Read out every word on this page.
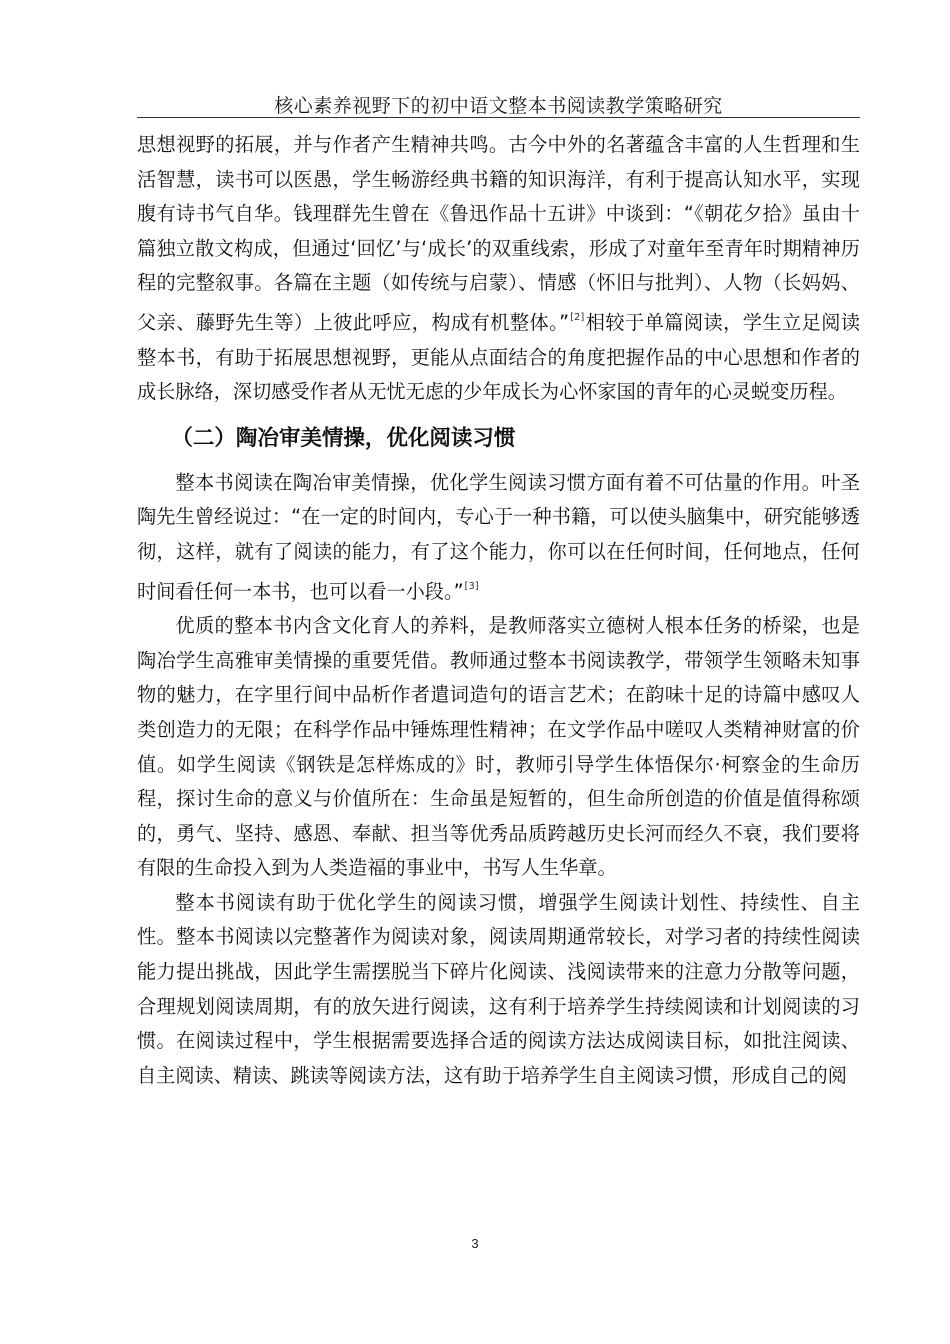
核心素养视野下的初中语文整本书阅读教学策略研究

思想视野的拓展，并与作者产生精神共鸣。古今中外的名著蕴含丰富的人生哲理和生活智慧，读书可以医愚，学生畅游经典书籍的知识海洋，有利于提高认知水平，实现腹有诗书气自华。钱理群先生曾在《鲁迅作品十五讲》中谈到：“《朝花夕拾》虽由十篇独立散文构成，但通过‘回忆’与‘成长’的双重线索，形成了对童年至青年时期精神历程的完整叙事。各篇在主题（如传统与启蒙）、情感（怀旧与批判）、人物（长妈妈、父亲、藤野先生等）上彼此呼应，构成有机整体。”[2]相较于单篇阅读，学生立足阅读整本书，有助于拓展思想视野，更能从点面结合的角度把握作品的中心思想和作者的成长脉络，深切感受作者从无忧无虑的少年成长为心怀家国的青年的心灵蜕变历程。

（二）陶冶审美情操，优化阅读习惯

整本书阅读在陶冶审美情操，优化学生阅读习惯方面有着不可估量的作用。叶圣陶先生曾经说过：“在一定的时间内，专心于一种书籍，可以使头脑集中，研究能够透彻，这样，就有了阅读的能力，有了这个能力，你可以在任何时间，任何地点，任何时间看任何一本书，也可以看一小段。”[3]

优质的整本书内含文化育人的养料，是教师落实立德树人根本任务的桥梁，也是陶冶学生高雅审美情操的重要凭借。教师通过整本书阅读教学，带领学生领略未知事物的魅力，在字里行间中品析作者遣词造句的语言艺术；在韵味十足的诗篇中感叹人类创造力的无限；在科学作品中锤炼理性精神；在文学作品中嗟叹人类精神财富的价值。如学生阅读《钢铁是怎样炼成的》时，教师引导学生体悟保尔·柯察金的生命历程，探讨生命的意义与价值所在：生命虽是短暂的，但生命所创造的价值是值得称颂的，勇气、坚持、感恩、奉献、担当等优秀品质跨越历史长河而经久不衰，我们要将有限的生命投入到为人类造福的事业中，书写人生华章。

整本书阅读有助于优化学生的阅读习惯，增强学生阅读计划性、持续性、自主性。整本书阅读以完整著作为阅读对象，阅读周期通常较长，对学习者的持续性阅读能力提出挑战，因此学生需摆脱当下碎片化阅读、浅阅读带来的注意力分散等问题，合理规划阅读周期，有的放矢进行阅读，这有利于培养学生持续阅读和计划阅读的习惯。在阅读过程中，学生根据需要选择合适的阅读方法达成阅读目标，如批注阅读、自主阅读、精读、跳读等阅读方法，这有助于培养学生自主阅读习惯，形成自己的阅

3
